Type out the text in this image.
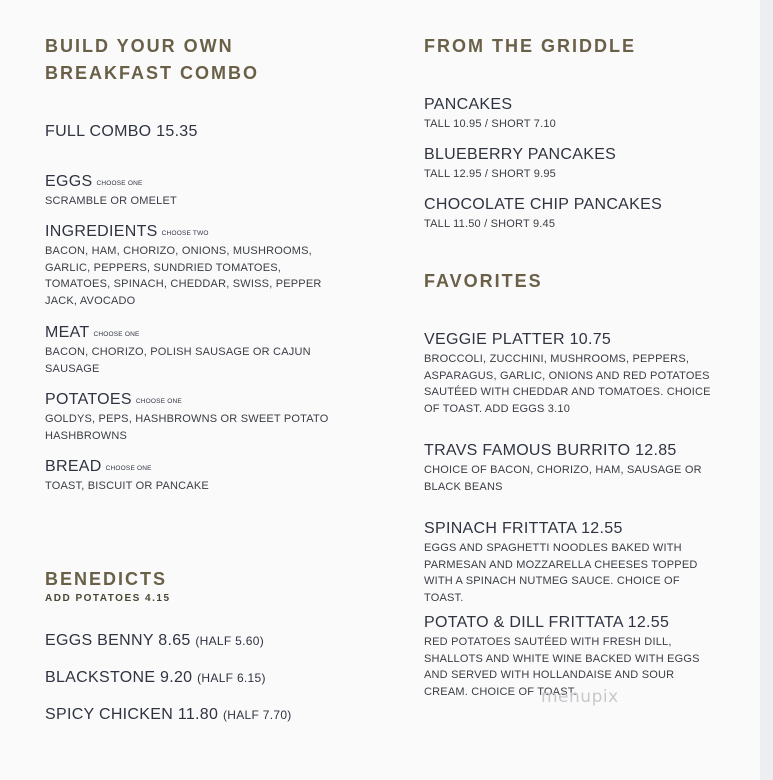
BUILD YOUR OWN
BREAKFAST COMBO
FULL COMBO 15.35
EGGS CHOOSE ONE
SCRAMBLE OR OMELET
INGREDIENTS CHOOSE TWO
BACON, HAM, CHORIZO, ONIONS, MUSHROOMS, GARLIC, PEPPERS, SUNDRIED TOMATOES, TOMATOES, SPINACH, CHEDDAR, SWISS, PEPPER JACK, AVOCADO
MEAT CHOOSE ONE
BACON, CHORIZO, POLISH SAUSAGE OR CAJUN SAUSAGE
POTATOES CHOOSE ONE
GOLDYS, PEPS, HASHBROWNS OR SWEET POTATO HASHBROWNS
BREAD CHOOSE ONE
TOAST, BISCUIT OR PANCAKE
BENEDICTS
ADD POTATOES 4.15
EGGS BENNY 8.65 (HALF 5.60)
BLACKSTONE 9.20 (HALF 6.15)
SPICY CHICKEN 11.80 (HALF 7.70)
FROM THE GRIDDLE
PANCAKES
TALL 10.95 / SHORT 7.10
BLUEBERRY PANCAKES
TALL 12.95 / SHORT 9.95
CHOCOLATE CHIP PANCAKES
TALL 11.50 / SHORT 9.45
FAVORITES
VEGGIE PLATTER 10.75
BROCCOLI, ZUCCHINI, MUSHROOMS, PEPPERS, ASPARAGUS, GARLIC, ONIONS AND RED POTATOES SAUTÉED WITH CHEDDAR AND TOMATOES. CHOICE OF TOAST. ADD EGGS 3.10
TRAVS FAMOUS BURRITO 12.85
CHOICE OF BACON, CHORIZO, HAM, SAUSAGE OR BLACK BEANS
SPINACH FRITTATA 12.55
EGGS AND SPAGHETTI NOODLES BAKED WITH PARMESAN AND MOZZARELLA CHEESES TOPPED WITH A SPINACH NUTMEG SAUCE. CHOICE OF TOAST.
POTATO & DILL FRITTATA 12.55
RED POTATOES SAUTÉED WITH FRESH DILL, SHALLOTS AND WHITE WINE BACKED WITH EGGS AND SERVED WITH HOLLANDAISE AND SOUR CREAM. CHOICE OF TOAST.
menupix
